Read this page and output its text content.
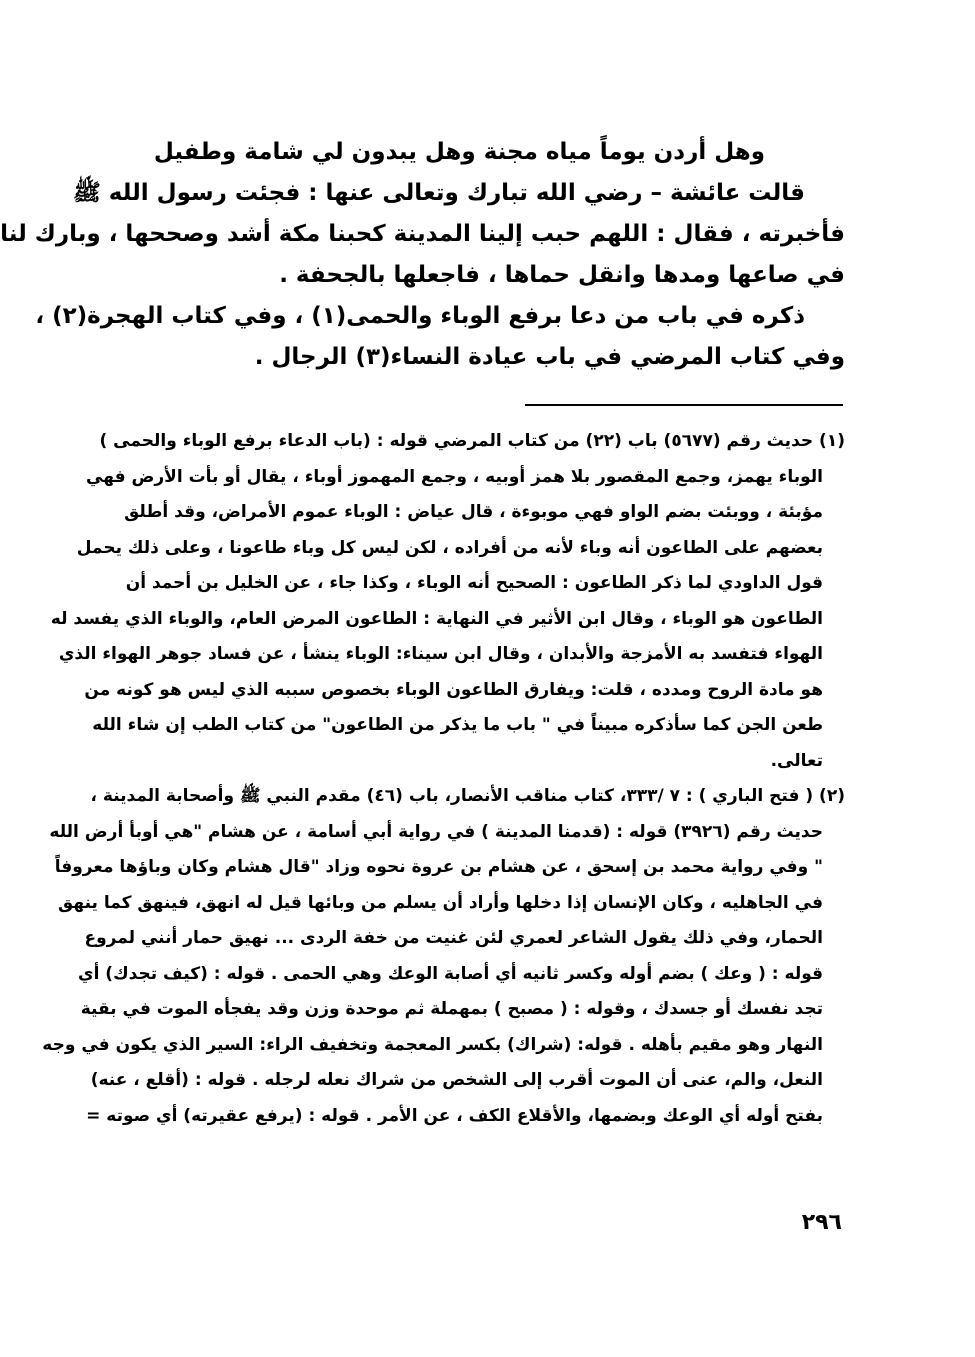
وهل أردن يوماً مياه مجنة وهل يبدون لي شامة وطفيل
قالت عائشة – رضي الله تبارك وتعالى عنها : فجئت رسول الله ﷺ
فأخبرته ، فقال : اللهم حبب إلينا المدينة كحبنا مكة أشد وصححها ، وبارك لنا
في صاعها ومدها وانقل حماها ، فاجعلها بالجحفة .
ذكره في باب من دعا برفع الوباء والحمى(١) ، وفي كتاب الهجرة(٢) ،
وفي كتاب المرضي في باب عيادة النساء(٣) الرجال .
(١) حديث رقم (٥٦٧٧) باب (٢٢) من كتاب المرضي قوله : (باب الدعاء برفع الوباء والحمى )
الوباء يهمز، وجمع المقصور بلا همز أوبيه ، وجمع المهموز أوباء ، يقال أو بأت الأرض فهي
مؤبئة ، ووبئت بضم الواو فهي موبوءة ، قال عياض : الوباء عموم الأمراض، وقد أطلق
بعضهم على الطاعون أنه وباء لأنه من أفراده ، لكن ليس كل وباء طاعونا ، وعلى ذلك يحمل
قول الداودي لما ذكر الطاعون : الصحيح أنه الوباء ، وكذا جاء ، عن الخليل بن أحمد أن
الطاعون هو الوباء ، وقال ابن الأثير في النهاية : الطاعون المرض العام، والوباء الذي يفسد له
الهواء فتفسد به الأمزجة والأبدان ، وقال ابن سيناء: الوباء ينشأ ، عن فساد جوهر الهواء الذي
هو مادة الروح ومدده ، قلت: ويفارق الطاعون الوباء بخصوص سببه الذي ليس هو كونه من
طعن الجن كما سأذكره مبيناً في " باب ما يذكر من الطاعون" من كتاب الطب إن شاء الله
تعالى.
(٢) ( فتح الباري ) : ٧ /٣٣٣، كتاب مناقب الأنصار، باب (٤٦) مقدم النبي ﷺ وأصحابة المدينة ،
حديث رقم (٣٩٢٦) قوله : (قدمنا المدينة ) في رواية أبي أسامة ، عن هشام "هي أوبأ أرض الله
" وفي رواية محمد بن إسحق ، عن هشام بن عروة نحوه وزاد "قال هشام وكان وباؤها معروفاً
في الجاهليه ، وكان الإنسان إذا دخلها وأراد أن يسلم من وبائها قيل له انهق، فينهق كما ينهق
الحمار، وفي ذلك يقول الشاعر لعمري لئن غنيت من خفة الردى ... نهيق حمار أنني لمروع
قوله : ( وعك ) بضم أوله وكسر ثانيه أي أصابة الوعك وهي الحمى . قوله : (كيف تجدك) أي
تجد نفسك أو جسدك ، وقوله : ( مصبح ) بمهملة ثم موحدة وزن وقد يفجأه الموت في بقية
النهار وهو مقيم بأهله . قوله: (شراك) بكسر المعجمة وتخفيف الراء: السير الذي يكون في وجه
النعل، والم، عنى أن الموت أقرب إلى الشخص من شراك نعله لرجله . قوله : (أقلع ، عنه)
بفتح أوله أي الوعك وبضمها، والأقلاع الكف ، عن الأمر . قوله : (يرفع عقيرته) أي صوته =
٢٩٦
